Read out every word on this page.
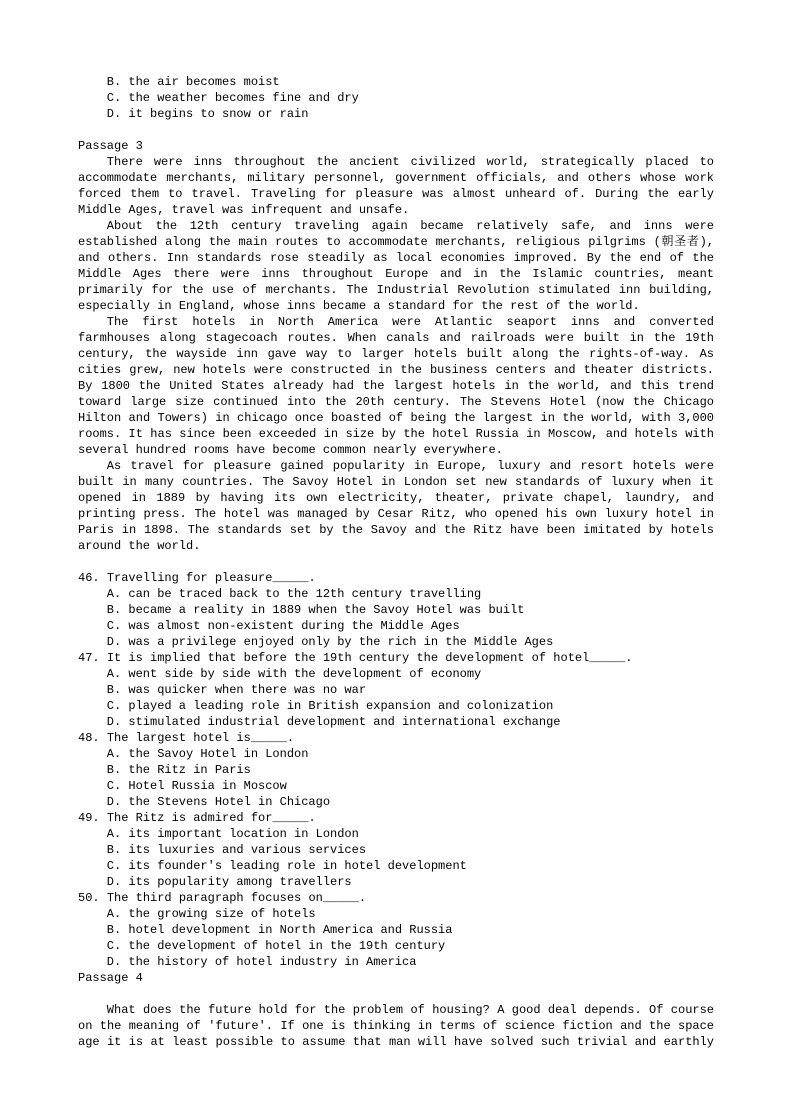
B. the air becomes moist
C. the weather becomes fine and dry
D. it begins to snow or rain
Passage 3
There were inns throughout the ancient civilized world, strategically placed to accommodate merchants, military personnel, government officials, and others whose work forced them to travel. Traveling for pleasure was almost unheard of. During the early Middle Ages, travel was infrequent and unsafe.
About the 12th century traveling again became relatively safe, and inns were established along the main routes to accommodate merchants, religious pilgrims (朝圣者), and others. Inn standards rose steadily as local economies improved. By the end of the Middle Ages there were inns throughout Europe and in the Islamic countries, meant primarily for the use of merchants. The Industrial Revolution stimulated inn building, especially in England, whose inns became a standard for the rest of the world.
The first hotels in North America were Atlantic seaport inns and converted farmhouses along stagecoach routes. When canals and railroads were built in the 19th century, the wayside inn gave way to larger hotels built along the rights-of-way. As cities grew, new hotels were constructed in the business centers and theater districts. By 1800 the United States already had the largest hotels in the world, and this trend toward large size continued into the 20th century. The Stevens Hotel (now the Chicago Hilton and Towers) in chicago once boasted of being the largest in the world, with 3,000 rooms. It has since been exceeded in size by the hotel Russia in Moscow, and hotels with several hundred rooms have become common nearly everywhere.
As travel for pleasure gained popularity in Europe, luxury and resort hotels were built in many countries. The Savoy Hotel in London set new standards of luxury when it opened in 1889 by having its own electricity, theater, private chapel, laundry, and printing press. The hotel was managed by Cesar Ritz, who opened his own luxury hotel in Paris in 1898. The standards set by the Savoy and the Ritz have been imitated by hotels around the world.
46. Travelling for pleasure_____.
A. can be traced back to the 12th century travelling
B. became a reality in 1889 when the Savoy Hotel was built
C. was almost non-existent during the Middle Ages
D. was a privilege enjoyed only by the rich in the Middle Ages
47. It is implied that before the 19th century the development of hotel_____.
A. went side by side with the development of economy
B. was quicker when there was no war
C. played a leading role in British expansion and colonization
D. stimulated industrial development and international exchange
48. The largest hotel is_____.
A. the Savoy Hotel in London
B. the Ritz in Paris
C. Hotel Russia in Moscow
D. the Stevens Hotel in Chicago
49. The Ritz is admired for_____.
A. its important location in London
B. its luxuries and various services
C. its founder's leading role in hotel development
D. its popularity among travellers
50. The third paragraph focuses on_____.
A. the growing size of hotels
B. hotel development in North America and Russia
C. the development of hotel in the 19th century
D. the history of hotel industry in America
Passage 4
What does the future hold for the problem of housing? A good deal depends. Of course on the meaning of 'future'. If one is thinking in terms of science fiction and the space age it is at least possible to assume that man will have solved such trivial and earthly
